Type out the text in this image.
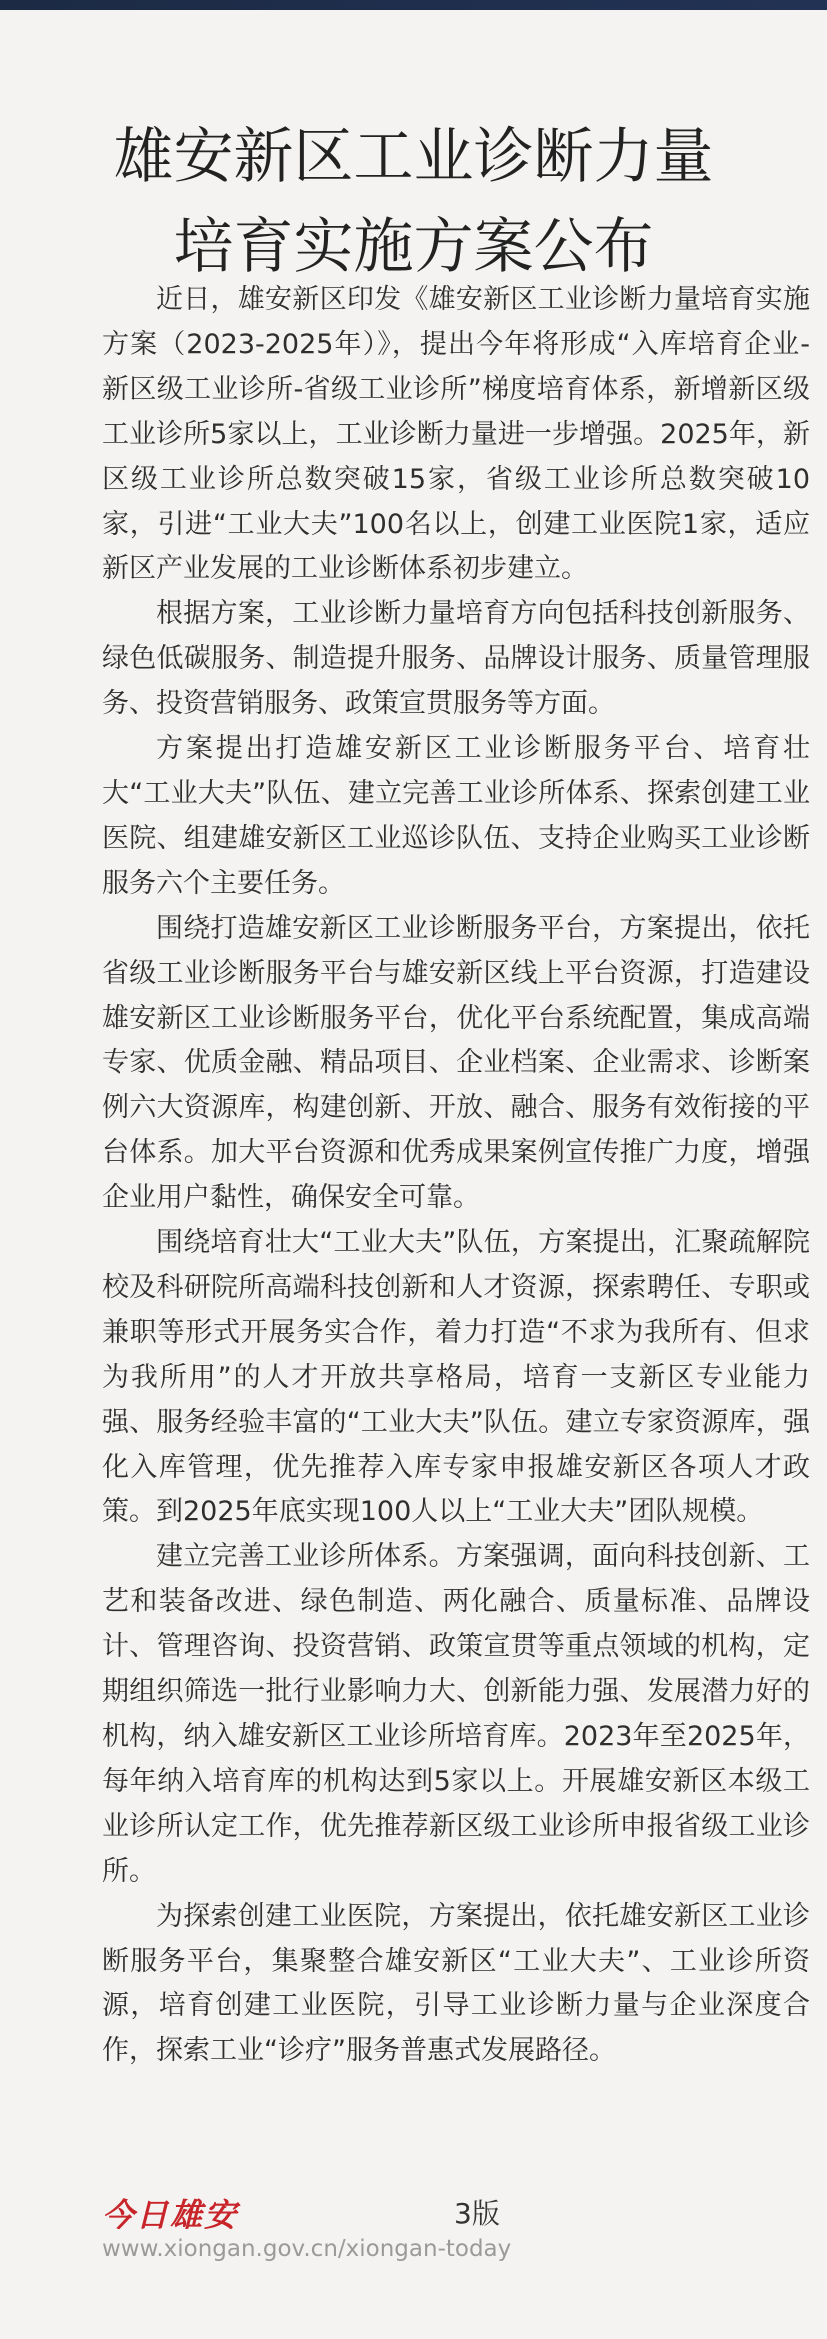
雄安新区工业诊断力量
培育实施方案公布

近日，雄安新区印发《雄安新区工业诊断力量培育实施方案（2023-2025年）》，提出今年将形成“入库培育企业-新区级工业诊所-省级工业诊所”梯度培育体系，新增新区级工业诊所5家以上，工业诊断力量进一步增强。2025年，新区级工业诊所总数突破15家，省级工业诊所总数突破10家，引进“工业大夫”100名以上，创建工业医院1家，适应新区产业发展的工业诊断体系初步建立。

根据方案，工业诊断力量培育方向包括科技创新服务、绿色低碳服务、制造提升服务、品牌设计服务、质量管理服务、投资营销服务、政策宣贯服务等方面。

方案提出打造雄安新区工业诊断服务平台、培育壮大“工业大夫”队伍、建立完善工业诊所体系、探索创建工业医院、组建雄安新区工业巡诊队伍、支持企业购买工业诊断服务六个主要任务。

围绕打造雄安新区工业诊断服务平台，方案提出，依托省级工业诊断服务平台与雄安新区线上平台资源，打造建设雄安新区工业诊断服务平台，优化平台系统配置，集成高端专家、优质金融、精品项目、企业档案、企业需求、诊断案例六大资源库，构建创新、开放、融合、服务有效衔接的平台体系。加大平台资源和优秀成果案例宣传推广力度，增强企业用户黏性，确保安全可靠。

围绕培育壮大“工业大夫”队伍，方案提出，汇聚疏解院校及科研院所高端科技创新和人才资源，探索聘任、专职或兼职等形式开展务实合作，着力打造“不求为我所有、但求为我所用”的人才开放共享格局，培育一支新区专业能力强、服务经验丰富的“工业大夫”队伍。建立专家资源库，强化入库管理，优先推荐入库专家申报雄安新区各项人才政策。到2025年底实现100人以上“工业大夫”团队规模。

建立完善工业诊所体系。方案强调，面向科技创新、工艺和装备改进、绿色制造、两化融合、质量标准、品牌设计、管理咨询、投资营销、政策宣贯等重点领域的机构，定期组织筛选一批行业影响力大、创新能力强、发展潜力好的机构，纳入雄安新区工业诊所培育库。2023年至2025年，每年纳入培育库的机构达到5家以上。开展雄安新区本级工业诊所认定工作，优先推荐新区级工业诊所申报省级工业诊所。

为探索创建工业医院，方案提出，依托雄安新区工业诊断服务平台，集聚整合雄安新区“工业大夫”、工业诊所资源，培育创建工业医院，引导工业诊断力量与企业深度合作，探索工业“诊疗”服务普惠式发展路径。

今日雄安	3版
www.xiongan.gov.cn/xiongan-today
